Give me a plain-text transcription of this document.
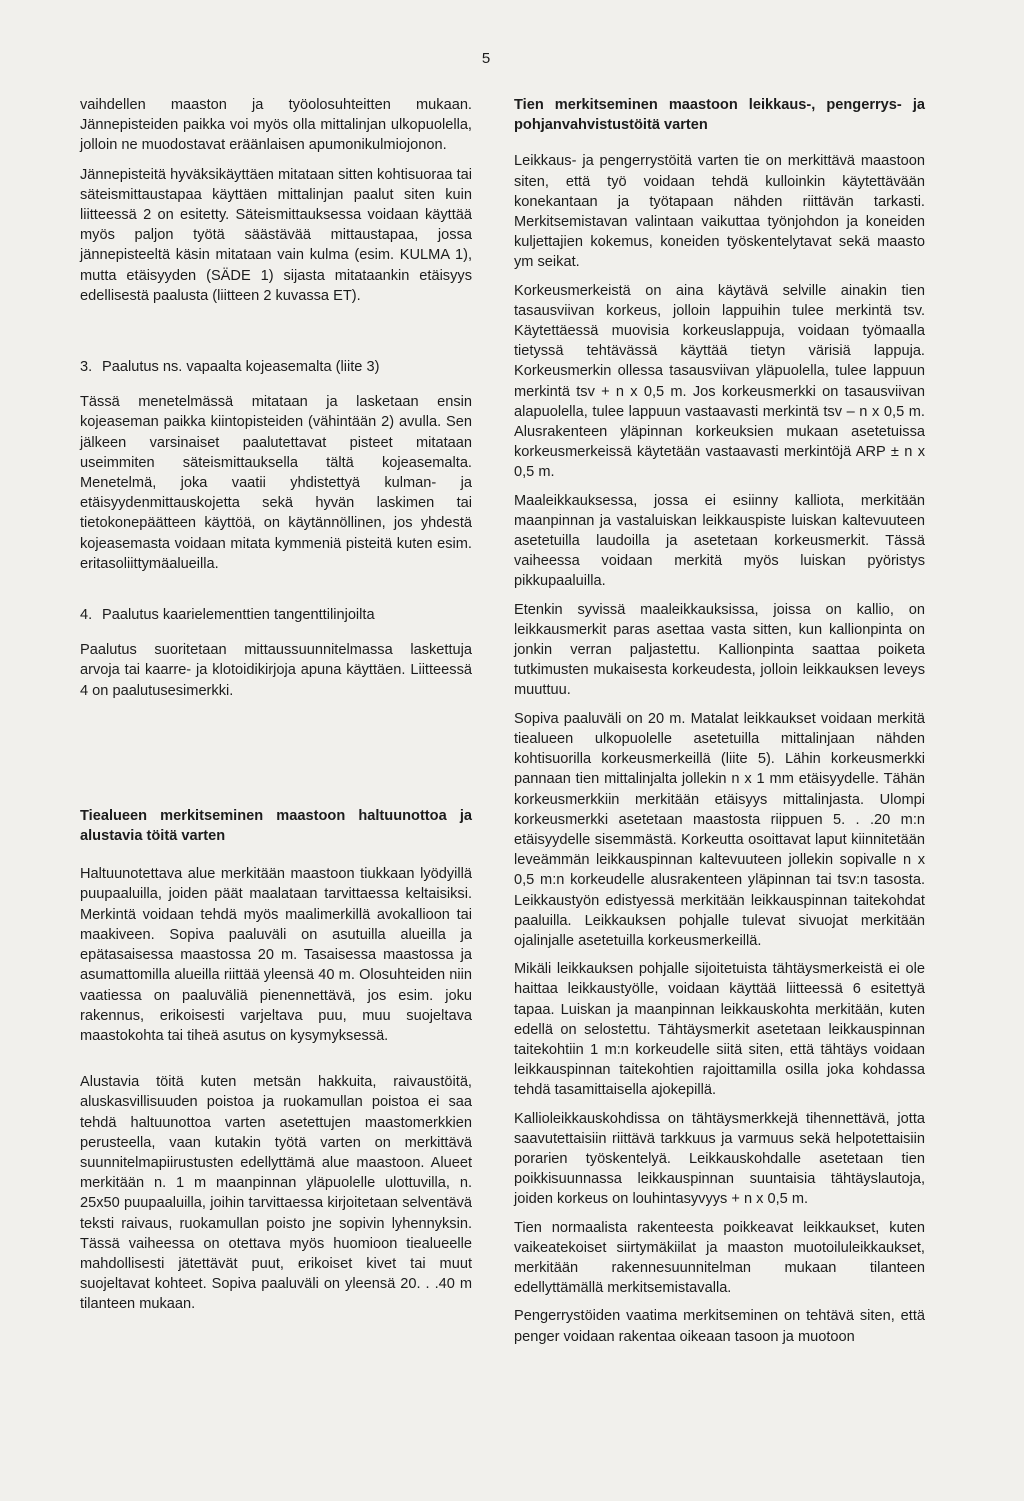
5

vaihdellen maaston ja työolosuhteitten mukaan. Jännepisteiden paikka voi myös olla mittalinjan ulkopuolella, jolloin ne muodostavat eräänlaisen apumonikulmiojonon.

Jännepisteitä hyväksikäyttäen mitataan sitten kohtisuoraa tai säteismittaustapaa käyttäen mittalinjan paalut siten kuin liitteessä 2 on esitetty. Säteismittauksessa voidaan käyttää myös paljon työtä säästävää mittaustapaa, jossa jännepisteeltä käsin mitataan vain kulma (esim. KULMA 1), mutta etäisyyden (SÄDE 1) sijasta mitataankin etäisyys edellisestä paalusta (liitteen 2 kuvassa ET).

3. Paalutus ns. vapaalta kojeasemalta (liite 3)

Tässä menetelmässä mitataan ja lasketaan ensin kojeaseman paikka kiintopisteiden (vähintään 2) avulla. Sen jälkeen varsinaiset paalutettavat pisteet mitataan useimmiten säteismittauksella tältä kojeasemalta. Menetelmä, joka vaatii yhdistettyä kulman- ja etäisyydenmittauskojetta sekä hyvän laskimen tai tietokonepäätteen käyttöä, on käytännöllinen, jos yhdestä kojeasemasta voidaan mitata kymmeniä pisteitä kuten esim. eritasoliittymäalueilla.

4. Paalutus kaarielementtien tangenttilinjoilta

Paalutus suoritetaan mittaussuunnitelmassa laskettuja arvoja tai kaarre- ja klotoidikirjoja apuna käyttäen. Liitteessä 4 on paalutusesimerkki.

Tiealueen merkitseminen maastoon haltuunottoa ja alustavia töitä varten

Haltuunotettava alue merkitään maastoon tiukkaan lyödyillä puupaaluilla, joiden päät maalataan tarvittaessa keltaisiksi. Merkintä voidaan tehdä myös maalimerkillä avokallioon tai maakiveen. Sopiva paaluväli on asutuilla alueilla ja epätasaisessa maastossa 20 m. Tasaisessa maastossa ja asumattomilla alueilla riittää yleensä 40 m. Olosuhteiden niin vaatiessa on paaluväliä pienennettävä, jos esim. joku rakennus, erikoisesti varjeltava puu, muu suojeltava maastokohta tai tiheä asutus on kysymyksessä.

Alustavia töitä kuten metsän hakkuita, raivaustöitä, aluskasvillisuuden poistoa ja ruokamullan poistoa ei saa tehdä haltuunottoa varten asetettujen maastomerkkien perusteella, vaan kutakin työtä varten on merkittävä suunnitelmapiirustusten edellyttämä alue maastoon. Alueet merkitään n. 1 m maanpinnan yläpuolelle ulottuvilla, n. 25x50 puupaaluilla, joihin tarvittaessa kirjoitetaan selventävä teksti raivaus, ruokamullan poisto jne sopivin lyhennyksin. Tässä vaiheessa on otettava myös huomioon tiealueelle mahdollisesti jätettävät puut, erikoiset kivet tai muut suojeltavat kohteet. Sopiva paaluväli on yleensä 20. . .40 m tilanteen mukaan.

Tien merkitseminen maastoon leikkaus-, pengerrys- ja pohjanvahvistustöitä varten

Leikkaus- ja pengerrystöitä varten tie on merkittävä maastoon siten, että työ voidaan tehdä kulloinkin käytettävään konekantaan ja työtapaan nähden riittävän tarkasti. Merkitsemistavan valintaan vaikuttaa työnjohdon ja koneiden kuljettajien kokemus, koneiden työskentelytavat sekä maasto ym seikat.

Korkeusmerkeistä on aina käytävä selville ainakin tien tasausviivan korkeus, jolloin lappuihin tulee merkintä tsv. Käytettäessä muovisia korkeuslappuja, voidaan työmaalla tietyssä tehtävässä käyttää tietyn värisiä lappuja. Korkeusmerkin ollessa tasausviivan yläpuolella, tulee lappuun merkintä tsv + n x 0,5 m. Jos korkeusmerkki on tasausviivan alapuolella, tulee lappuun vastaavasti merkintä tsv – n x 0,5 m. Alusrakenteen yläpinnan korkeuksien mukaan asetetuissa korkeusmerkeissä käytetään vastaavasti merkintöjä ARP ± n x 0,5 m.

Maaleikkauksessa, jossa ei esiinny kalliota, merkitään maanpinnan ja vastaluiskan leikkauspiste luiskan kaltevuuteen asetetuilla laudoilla ja asetetaan korkeusmerkit. Tässä vaiheessa voidaan merkitä myös luiskan pyöristys pikkupaaluilla.

Etenkin syvissä maaleikkauksissa, joissa on kallio, on leikkausmerkit paras asettaa vasta sitten, kun kallionpinta on jonkin verran paljastettu. Kallionpinta saattaa poiketa tutkimusten mukaisesta korkeudesta, jolloin leikkauksen leveys muuttuu.

Sopiva paaluväli on 20 m. Matalat leikkaukset voidaan merkitä tiealueen ulkopuolelle asetetuilla mittalinjaan nähden kohtisuorilla korkeusmerkeillä (liite 5). Lähin korkeusmerkki pannaan tien mittalinjalta jollekin n x 1 mm etäisyydelle. Tähän korkeusmerkkiin merkitään etäisyys mittalinjasta. Ulompi korkeusmerkki asetetaan maastosta riippuen 5. . .20 m:n etäisyydelle sisemmästä. Korkeutta osoittavat laput kiinnitetään leveämmän leikkauspinnan kaltevuuteen jollekin sopivalle n x 0,5 m:n korkeudelle alusrakenteen yläpinnan tai tsv:n tasosta. Leikkaustyön edistyessä merkitään leikkauspinnan taitekohdat paaluilla. Leikkauksen pohjalle tulevat sivuojat merkitään ojalinjalle asetetuilla korkeusmerkeillä.

Mikäli leikkauksen pohjalle sijoitetuista tähtäysmerkeistä ei ole haittaa leikkaustyölle, voidaan käyttää liitteessä 6 esitettyä tapaa. Luiskan ja maanpinnan leikkauskohta merkitään, kuten edellä on selostettu. Tähtäysmerkit asetetaan leikkauspinnan taitekohtiin 1 m:n korkeudelle siitä siten, että tähtäys voidaan leikkauspinnan taitekohtien rajoittamilla osilla joka kohdassa tehdä tasamittaisella ajokepillä.

Kallioleikkauskohdissa on tähtäysmerkkejä tihennettävä, jotta saavutettaisiin riittävä tarkkuus ja varmuus sekä helpotettaisiin porarien työskentelyä. Leikkauskohdalle asetetaan tien poikkisuunnassa leikkauspinnan suuntaisia tähtäyslautoja, joiden korkeus on louhintasyvyys + n x 0,5 m.

Tien normaalista rakenteesta poikkeavat leikkaukset, kuten vaikeatekoiset siirtymäkiilat ja maaston muotoiluleikkaukset, merkitään rakennesuunnitelman mukaan tilanteen edellyttämällä merkitsemistavalla.

Pengerrystöiden vaatima merkitseminen on tehtävä siten, että penger voidaan rakentaa oikeaan tasoon ja muotoon
